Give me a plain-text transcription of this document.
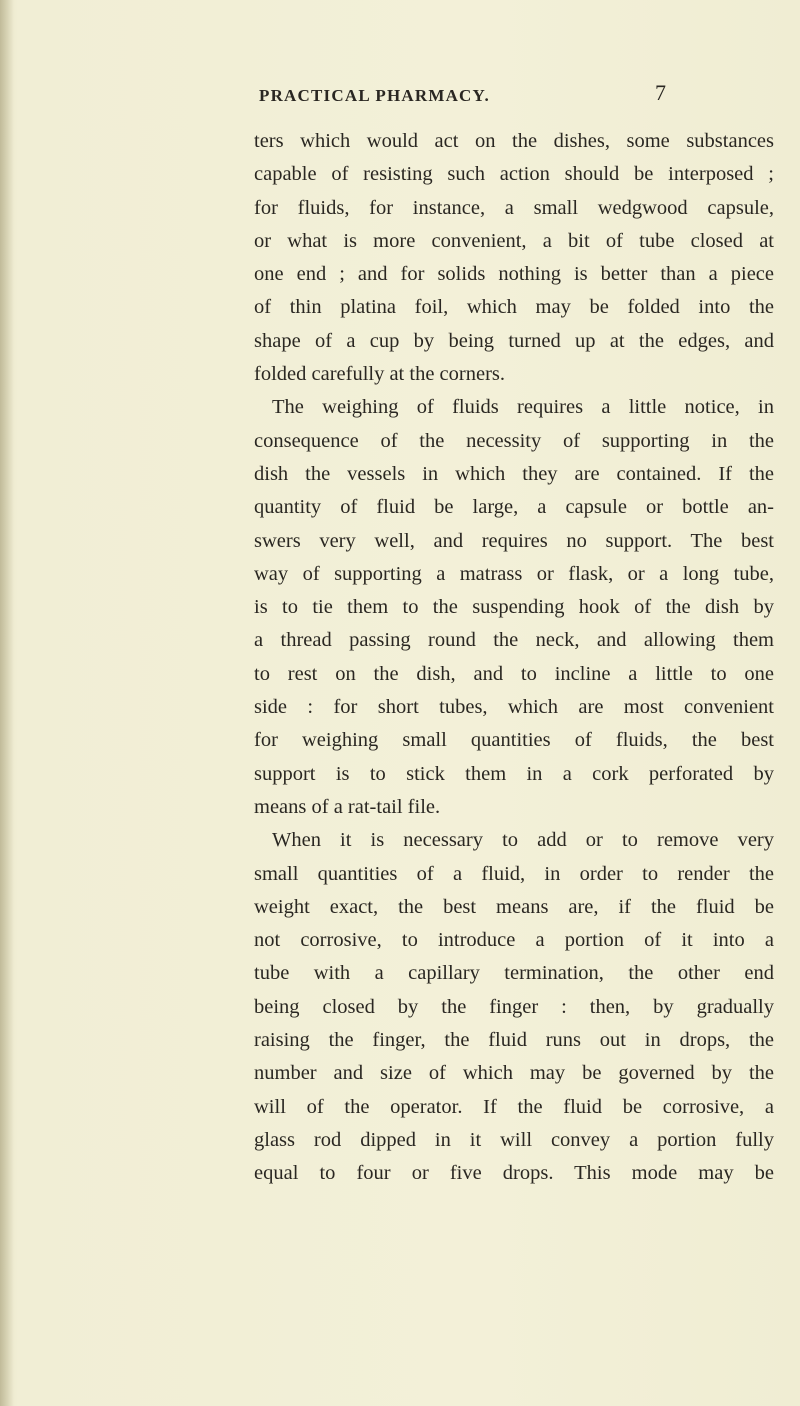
PRACTICAL PHARMACY.	7
ters which would act on the dishes, some substances
capable of resisting such action should be interposed ;
for fluids, for instance, a small wedgwood capsule,
or what is more convenient, a bit of tube closed at
one end ; and for solids nothing is better than a piece
of thin platina foil, which may be folded into the
shape of a cup by being turned up at the edges, and
folded carefully at the corners.
The weighing of fluids requires a little notice, in
consequence of the necessity of supporting in the
dish the vessels in which they are contained. If the
quantity of fluid be large, a capsule or bottle an-
swers very well, and requires no support. The best
way of supporting a matrass or flask, or a long tube,
is to tie them to the suspending hook of the dish by
a thread passing round the neck, and allowing them
to rest on the dish, and to incline a little to one
side : for short tubes, which are most convenient
for weighing small quantities of fluids, the best
support is to stick them in a cork perforated by
means of a rat-tail file.
When it is necessary to add or to remove very
small quantities of a fluid, in order to render the
weight exact, the best means are, if the fluid be
not corrosive, to introduce a portion of it into a
tube with a capillary termination, the other end
being closed by the finger : then, by gradually
raising the finger, the fluid runs out in drops, the
number and size of which may be governed by the
will of the operator. If the fluid be corrosive, a
glass rod dipped in it will convey a portion fully
equal to four or five drops. This mode may be
